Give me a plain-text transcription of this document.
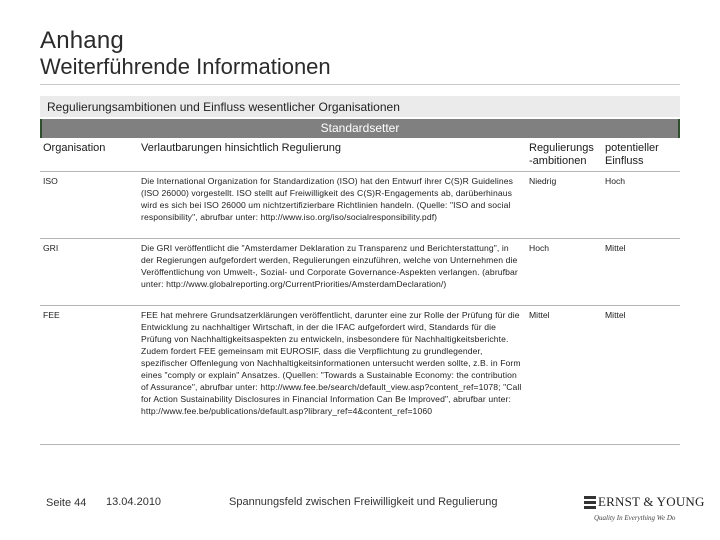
Anhang
Weiterführende Informationen
Regulierungsambitionen und Einfluss wesentlicher Organisationen
Standardsetter
Organisation	Verlautbarungen hinsichtlich Regulierung	Regulierungs -ambitionen	potentieller Einfluss
ISO	Die International Organization for Standardization (ISO) hat den Entwurf ihrer C(S)R Guidelines (ISO 26000) vorgestellt. ISO stellt auf Freiwilligkeit des C(S)R-Engagements ab, darüberhinaus wird es sich bei ISO 26000 um nichtzertifizierbare Richtlinien handeln. (Quelle: "ISO and social responsibility", abrufbar unter: http://www.iso.org/iso/socialresponsibility.pdf)	Niedrig	Hoch
GRI	Die GRI veröffentlicht die "Amsterdamer Deklaration zu Transparenz und Berichterstattung", in der Regierungen aufgefordert werden, Regulierungen einzuführen, welche von Unternehmen die Veröffentlichung von Umwelt-, Sozial- und Corporate Governance-Aspekten verlangen. (abrufbar unter: http://www.globalreporting.org/CurrentPriorities/AmsterdamDeclaration/)	Hoch	Mittel
FEE	FEE hat mehrere Grundsatzerklärungen veröffentlicht, darunter eine zur Rolle der Prüfung für die Entwicklung zu nachhaltiger Wirtschaft, in der die IFAC aufgefordert wird, Standards für die Prüfung von Nachhaltigkeitsaspekten zu entwickeln, insbesondere für Nachhaltigkeitsberichte. Zudem fordert FEE gemeinsam mit EUROSIF, dass die Verpflichtung zu grundlegender, spezifischer Offenlegung von Nachhaltigkeitsinformationen untersucht werden sollte, z.B. in Form eines "comply or explain" Ansatzes. (Quellen: "Towards a Sustainable Economy: the contribution of Assurance", abrufbar unter: http://www.fee.be/search/default_view.asp?content_ref=1078; "Call for Action Sustainability Disclosures in Financial Information Can Be Improved", abrufbar unter: http://www.fee.be/publications/default.asp?library_ref=4&content_ref=1060	Mittel	Mittel
Seite 44 13.04.2010	Spannungsfeld zwischen Freiwilligkeit und Regulierung	ERNST & YOUNG
Quality In Everything We Do
